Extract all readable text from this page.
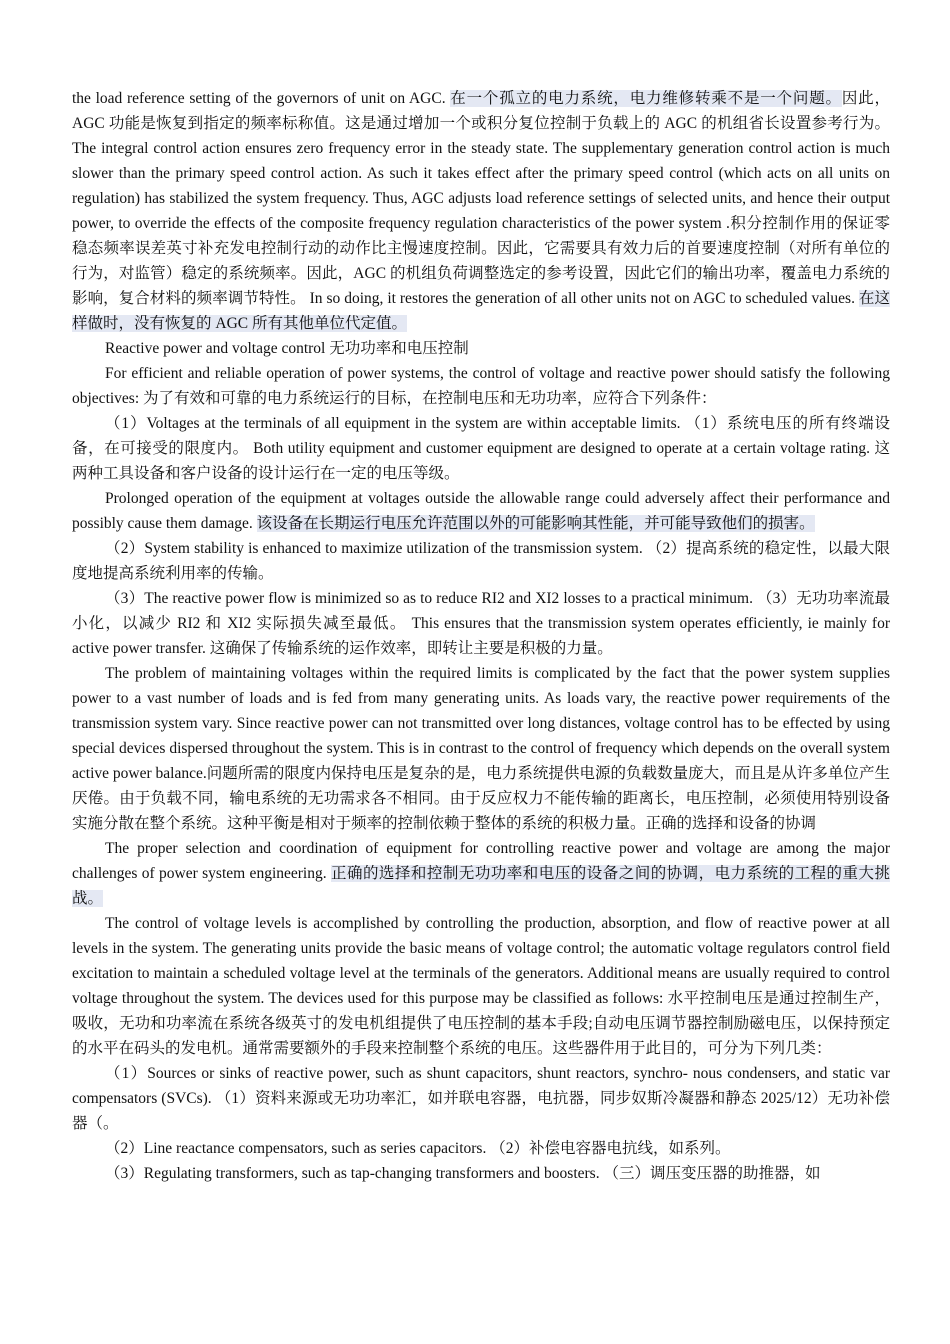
the load reference setting of the governors of unit on AGC. 在一个孤立的电力系统，电力维修转乘不是一个问题。因此，AGC 功能是恢复到指定的频率标称值。这是通过增加一个或积分复位控制于负载上的 AGC 的机组省长设置参考行为。The integral control action ensures zero frequency error in the steady state. The supplementary generation control action is much slower than the primary speed control action. As such it takes effect after the primary speed control (which acts on all units on regulation) has stabilized the system frequency. Thus, AGC adjusts load reference settings of selected units, and hence their output power, to override the effects of the composite frequency regulation characteristics of the power system .积分控制作用的保证零稳态频率误差英寸补充发电控制行动的动作比主慢速度控制。因此，它需要具有效力后的首要速度控制（对所有单位的行为，对监管）稳定的系统频率。因此，AGC 的机组负荷调整选定的参考设置，因此它们的输出功率，覆盖电力系统的影响，复合材料的频率调节特性。 In so doing, it restores the generation of all other units not on AGC to scheduled values. 在这样做时，没有恢复的 AGC 所有其他单位代定值。

Reactive power and voltage control 无功功率和电压控制

For efficient and reliable operation of power systems, the control of voltage and reactive power should satisfy the following objectives: 为了有效和可靠的电力系统运行的目标，在控制电压和无功功率，应符合下列条件：

（1）Voltages at the terminals of all equipment in the system are within acceptable limits. （1）系统电压的所有终端设备，在可接受的限度内。 Both utility equipment and customer equipment are designed to operate at a certain voltage rating. 这两种工具设备和客户设备的设计运行在一定的电压等级。

Prolonged operation of the equipment at voltages outside the allowable range could adversely affect their performance and possibly cause them damage. 该设备在长期运行电压允许范围以外的可能影响其性能，并可能导致他们的损害。

（2）System stability is enhanced to maximize utilization of the transmission system. （2）提高系统的稳定性，以最大限度地提高系统利用率的传输。

（3）The reactive power flow is minimized so as to reduce RI2 and XI2 losses to a practical minimum. （3）无功功率流最小化，以减少 RI2 和 XI2 实际损失减至最低。 This ensures that the transmission system operates efficiently, ie mainly for active power transfer. 这确保了传输系统的运作效率，即转让主要是积极的力量。

The problem of maintaining voltages within the required limits is complicated by the fact that the power system supplies power to a vast number of loads and is fed from many generating units. As loads vary, the reactive power requirements of the transmission system vary. Since reactive power can not transmitted over long distances, voltage control has to be effected by using special devices dispersed throughout the system. This is in contrast to the control of frequency which depends on the overall system active power balance.问题所需的限度内保持电压是复杂的是，电力系统提供电源的负载数量庞大，而且是从许多单位产生厌倦。由于负载不同，输电系统的无功需求各不相同。由于反应权力不能传输的距离长，电压控制，必须使用特别设备实施分散在整个系统。这种平衡是相对于频率的控制依赖于整体的系统的积极力量。正确的选择和设备的协调

The proper selection and coordination of equipment for controlling reactive power and voltage are among the major challenges of power system engineering. 正确的选择和控制无功功率和电压的设备之间的协调，电力系统的工程的重大挑战。

The control of voltage levels is accomplished by controlling the production, absorption, and flow of reactive power at all levels in the system. The generating units provide the basic means of voltage control; the automatic voltage regulators control field excitation to maintain a scheduled voltage level at the terminals of the generators. Additional means are usually required to control voltage throughout the system. The devices used for this purpose may be classified as follows: 水平控制电压是通过控制生产，吸收，无功和功率流在系统各级英寸的发电机组提供了电压控制的基本手段;自动电压调节器控制励磁电压，以保持预定的水平在码头的发电机。通常需要额外的手段来控制整个系统的电压。这些器件用于此目的，可分为下列几类：

（1）Sources or sinks of reactive power, such as shunt capacitors, shunt reactors, synchro- nous condensers, and static var compensators (SVCs). （1）资料来源或无功功率汇，如并联电容器，电抗器，同步奴斯冷凝器和静态 2025/12）无功补偿器（。

（2）Line reactance compensators, such as series capacitors. （2）补偿电容器电抗线，如系列。

（3）Regulating transformers, such as tap-changing transformers and boosters. （三）调压变压器的助推器，如
